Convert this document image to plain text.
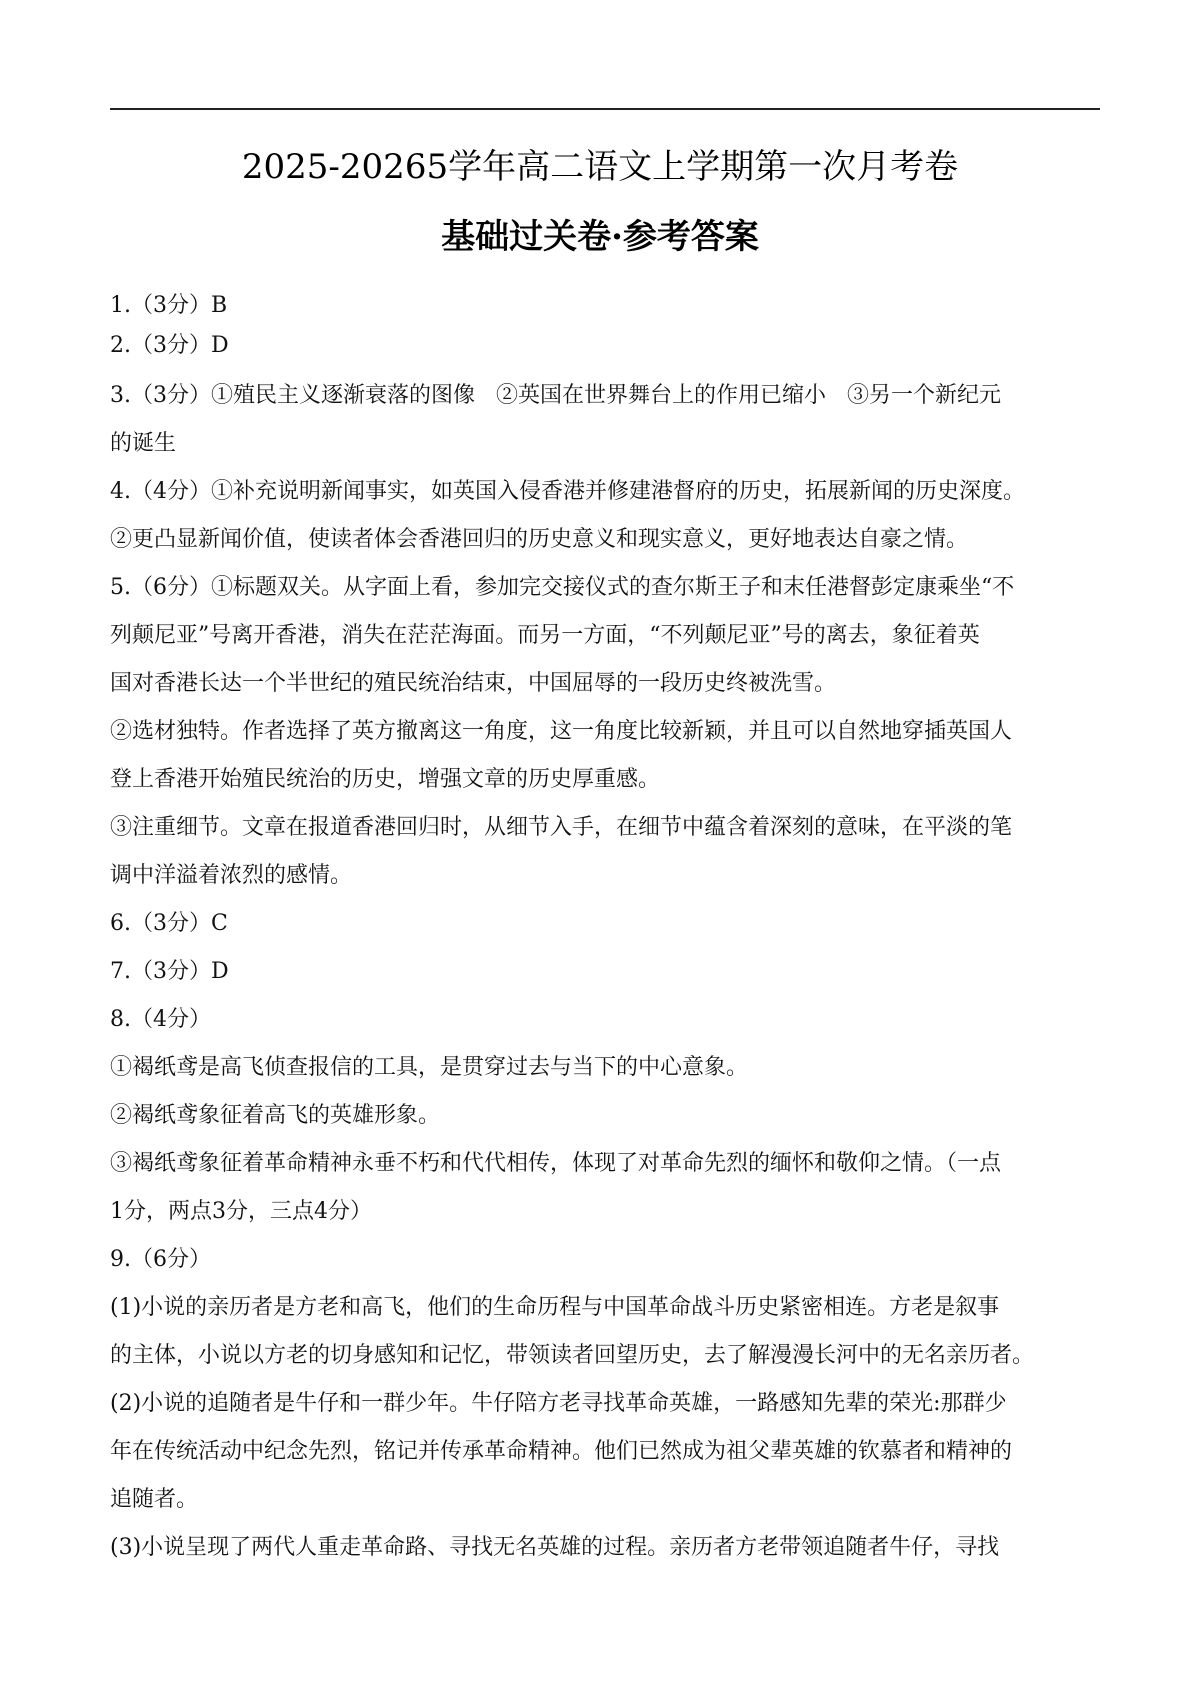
2025-20265学年高二语文上学期第一次月考卷
基础过关卷·参考答案

1.（3分）B

2.（3分）D

3.（3分）①殖民主义逐渐衰落的图像   ②英国在世界舞台上的作用已缩小   ③另一个新纪元

的诞生

4.（4分）①补充说明新闻事实，如英国入侵香港并修建港督府的历史，拓展新闻的历史深度。

②更凸显新闻价值，使读者体会香港回归的历史意义和现实意义，更好地表达自豪之情。

5.（6分）①标题双关。从字面上看，参加完交接仪式的查尔斯王子和末任港督彭定康乘坐“不

列颠尼亚”号离开香港，消失在茫茫海面。而另一方面，“不列颠尼亚”号的离去，象征着英

国对香港长达一个半世纪的殖民统治结束，中国屈辱的一段历史终被洗雪。

②选材独特。作者选择了英方撤离这一角度，这一角度比较新颖，并且可以自然地穿插英国人

登上香港开始殖民统治的历史，增强文章的历史厚重感。

③注重细节。文章在报道香港回归时，从细节入手，在细节中蕴含着深刻的意味，在平淡的笔

调中洋溢着浓烈的感情。

6.（3分）C

7.（3分）D

8.（4分）

①褐纸鸢是高飞侦查报信的工具，是贯穿过去与当下的中心意象。

②褐纸鸢象征着高飞的英雄形象。

③褐纸鸢象征着革命精神永垂不朽和代代相传，体现了对革命先烈的缅怀和敬仰之情。（一点

1分，两点3分，三点4分）

9.（6分）

(1)小说的亲历者是方老和高飞，他们的生命历程与中国革命战斗历史紧密相连。方老是叙事

的主体，小说以方老的切身感知和记忆，带领读者回望历史，去了解漫漫长河中的无名亲历者。

(2)小说的追随者是牛仔和一群少年。牛仔陪方老寻找革命英雄，一路感知先辈的荣光:那群少

年在传统活动中纪念先烈，铭记并传承革命精神。他们已然成为祖父辈英雄的钦慕者和精神的

追随者。

(3)小说呈现了两代人重走革命路、寻找无名英雄的过程。亲历者方老带领追随者牛仔，寻找
